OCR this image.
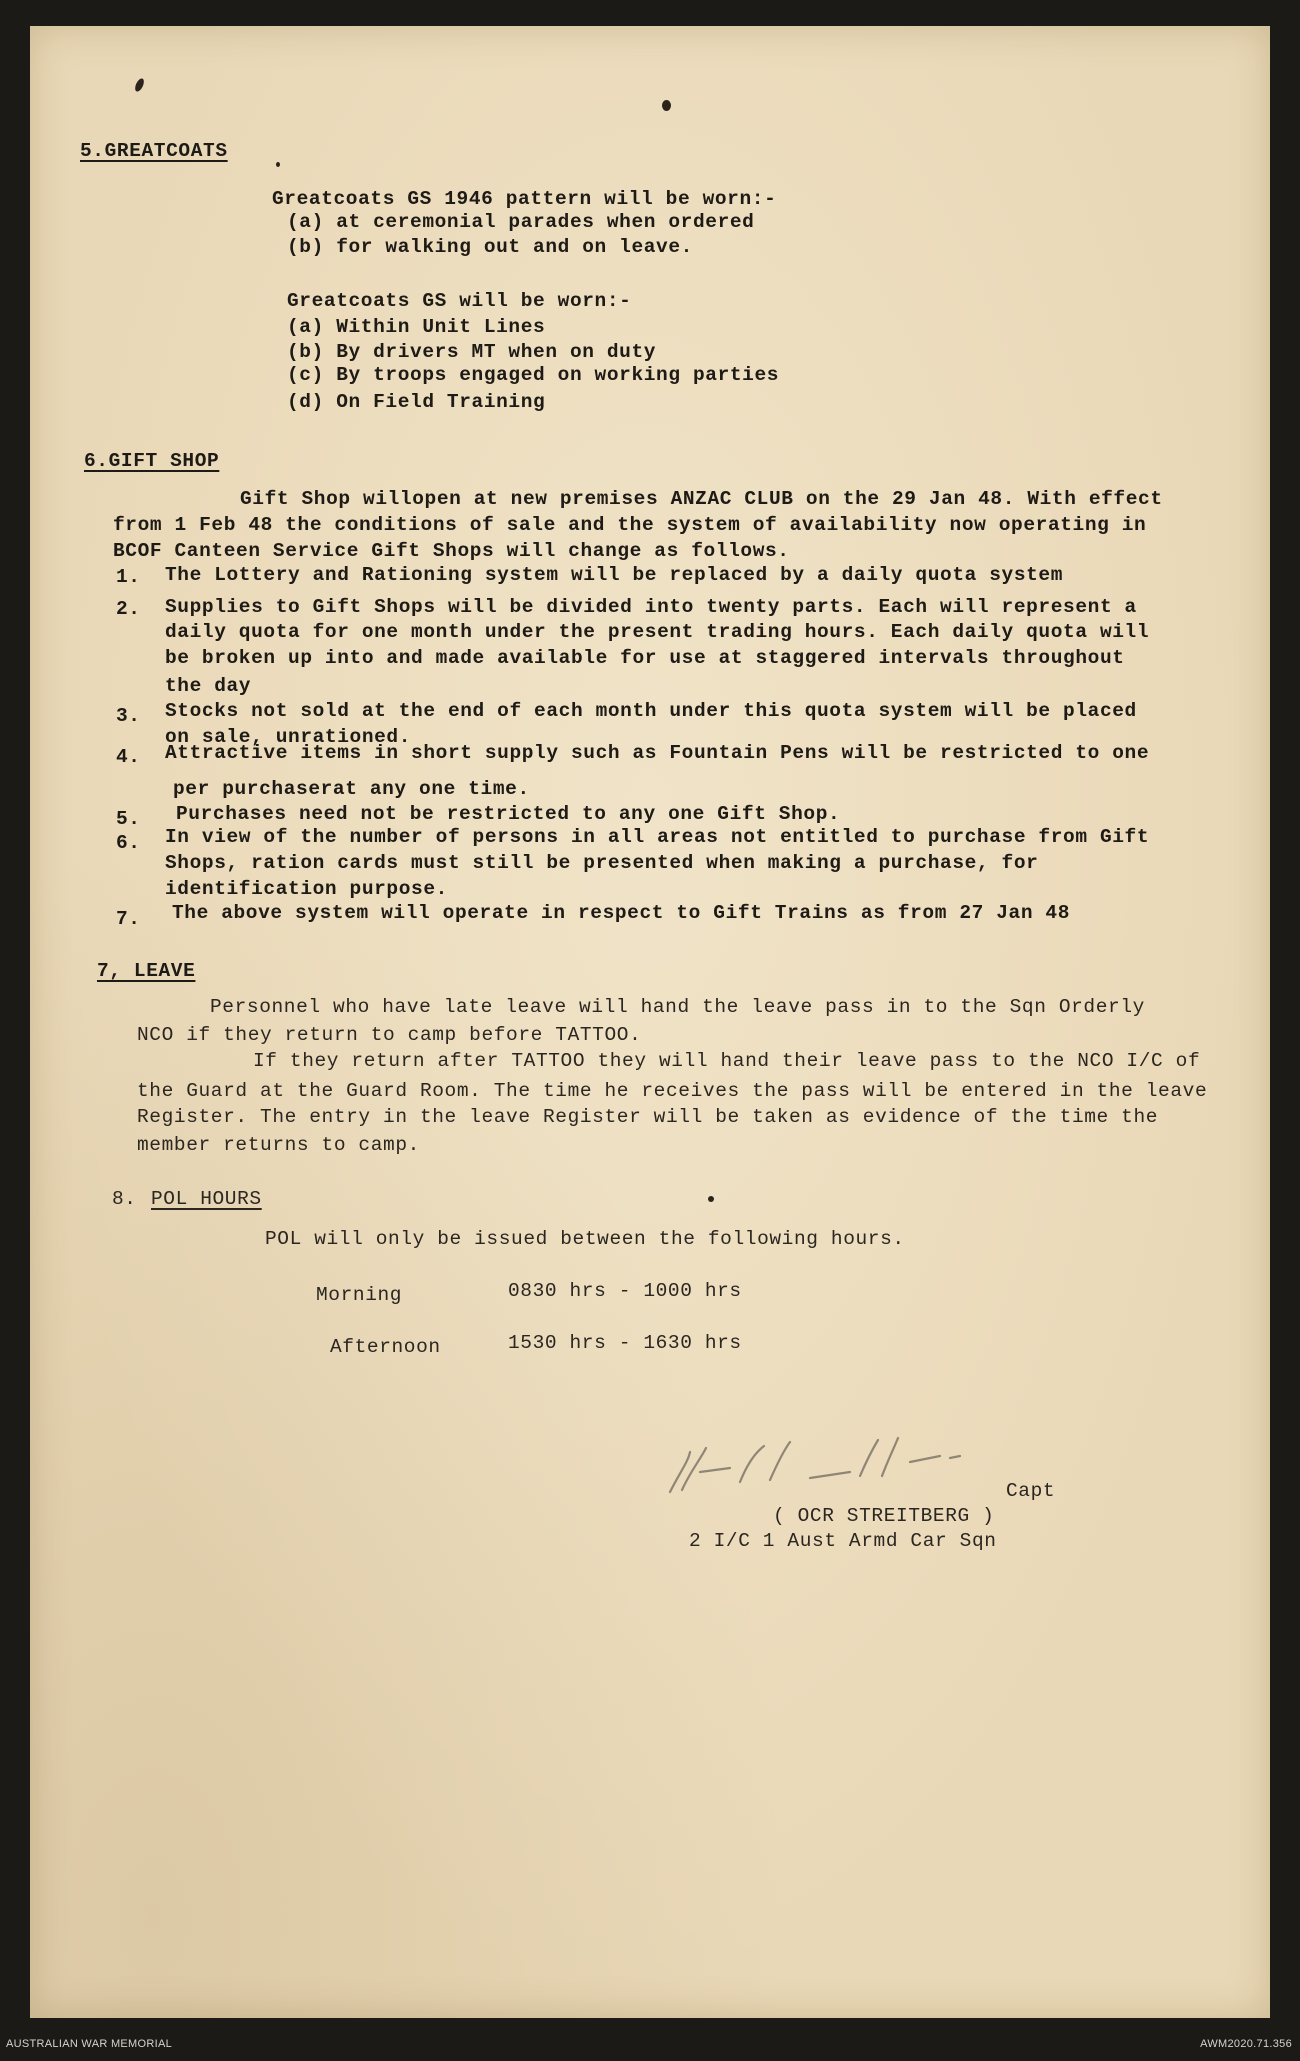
5.GREATCOATS
Greatcoats GS 1946 pattern will be worn:-
(a) at ceremonial parades when ordered
(b) for walking out and on leave.
Greatcoats GS will be worn:-
(a) Within Unit Lines
(b) By drivers MT when on duty
(c) By troops engaged on working parties
(d) On Field Training
6.GIFT SHOP
Gift Shop willopen at new premises ANZAC CLUB on the 29 Jan 48. With effect
from 1 Feb 48 the conditions of sale and the system of availability now operating in
BCOF Canteen Service Gift Shops will change as follows.
1. The Lottery and Rationing system will be replaced by a daily quota system
2. Supplies to Gift Shops will be divided into twenty parts. Each will represent a
daily quota for one month under the present trading hours. Each daily quota will
be broken up into and made available for use at staggered intervals throughout
the day
3. Stocks not sold at the end of each month under this quota system will be placed
on sale, unrationed.
4. Attractive items in short supply such as Fountain Pens will be restricted to one
per purchaserat any one time.
5. Purchases need not be restricted to any one Gift Shop.
6. In view of the number of persons in all areas not entitled to purchase from Gift
Shops, ration cards must still be presented when making a purchase, for
identification purpose.
7. The above system will operate in respect to Gift Trains as from 27 Jan 48
7, LEAVE
Personnel who have late leave will hand the leave pass in to the Sqn Orderly
NCO if they return to camp before TATTOO.
If they return after TATTOO they will hand their leave pass to the NCO I/C of
the Guard at the Guard Room. The time he receives the pass will be entered in the leave
Register. The entry in the leave Register will be taken as evidence of the time the
member returns to camp.
8. POL HOURS
POL will only be issued between the following hours.
Morning	0830 hrs - 1000 hrs
Afternoon	1530 hrs - 1630 hrs
Capt
( OCR STREITBERG )
2 I/C 1 Aust Armd Car Sqn
AUSTRALIAN WAR MEMORIAL	AWM2020.71.356
